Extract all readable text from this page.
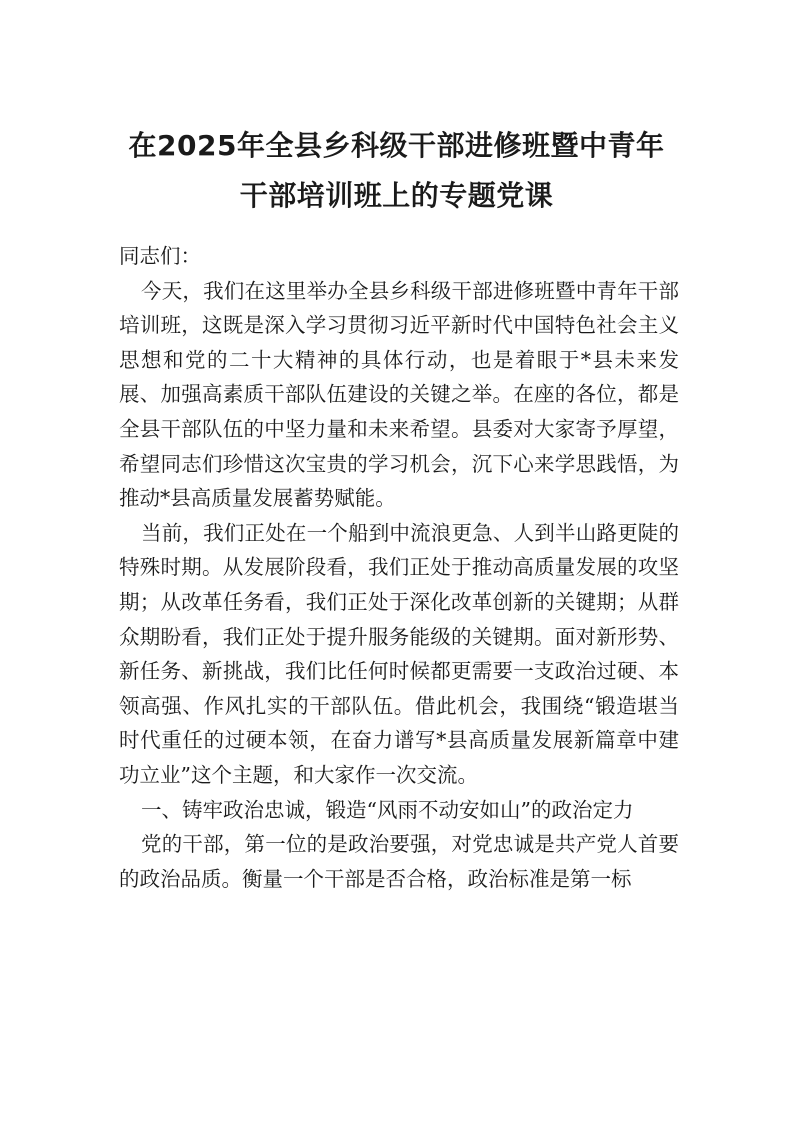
在2025年全县乡科级干部进修班暨中青年
干部培训班上的专题党课

同志们：

今天，我们在这里举办全县乡科级干部进修班暨中青年干部培训班，这既是深入学习贯彻习近平新时代中国特色社会主义思想和党的二十大精神的具体行动，也是着眼于*县未来发展、加强高素质干部队伍建设的关键之举。在座的各位，都是全县干部队伍的中坚力量和未来希望。县委对大家寄予厚望，希望同志们珍惜这次宝贵的学习机会，沉下心来学思践悟，为推动*县高质量发展蓄势赋能。

当前，我们正处在一个船到中流浪更急、人到半山路更陡的特殊时期。从发展阶段看，我们正处于推动高质量发展的攻坚期；从改革任务看，我们正处于深化改革创新的关键期；从群众期盼看，我们正处于提升服务能级的关键期。面对新形势、新任务、新挑战，我们比任何时候都更需要一支政治过硬、本领高强、作风扎实的干部队伍。借此机会，我围绕“锻造堪当时代重任的过硬本领，在奋力谱写*县高质量发展新篇章中建功立业”这个主题，和大家作一次交流。

一、铸牢政治忠诚，锻造“风雨不动安如山”的政治定力

党的干部，第一位的是政治要强，对党忠诚是共产党人首要的政治品质。衡量一个干部是否合格，政治标准是第一标
